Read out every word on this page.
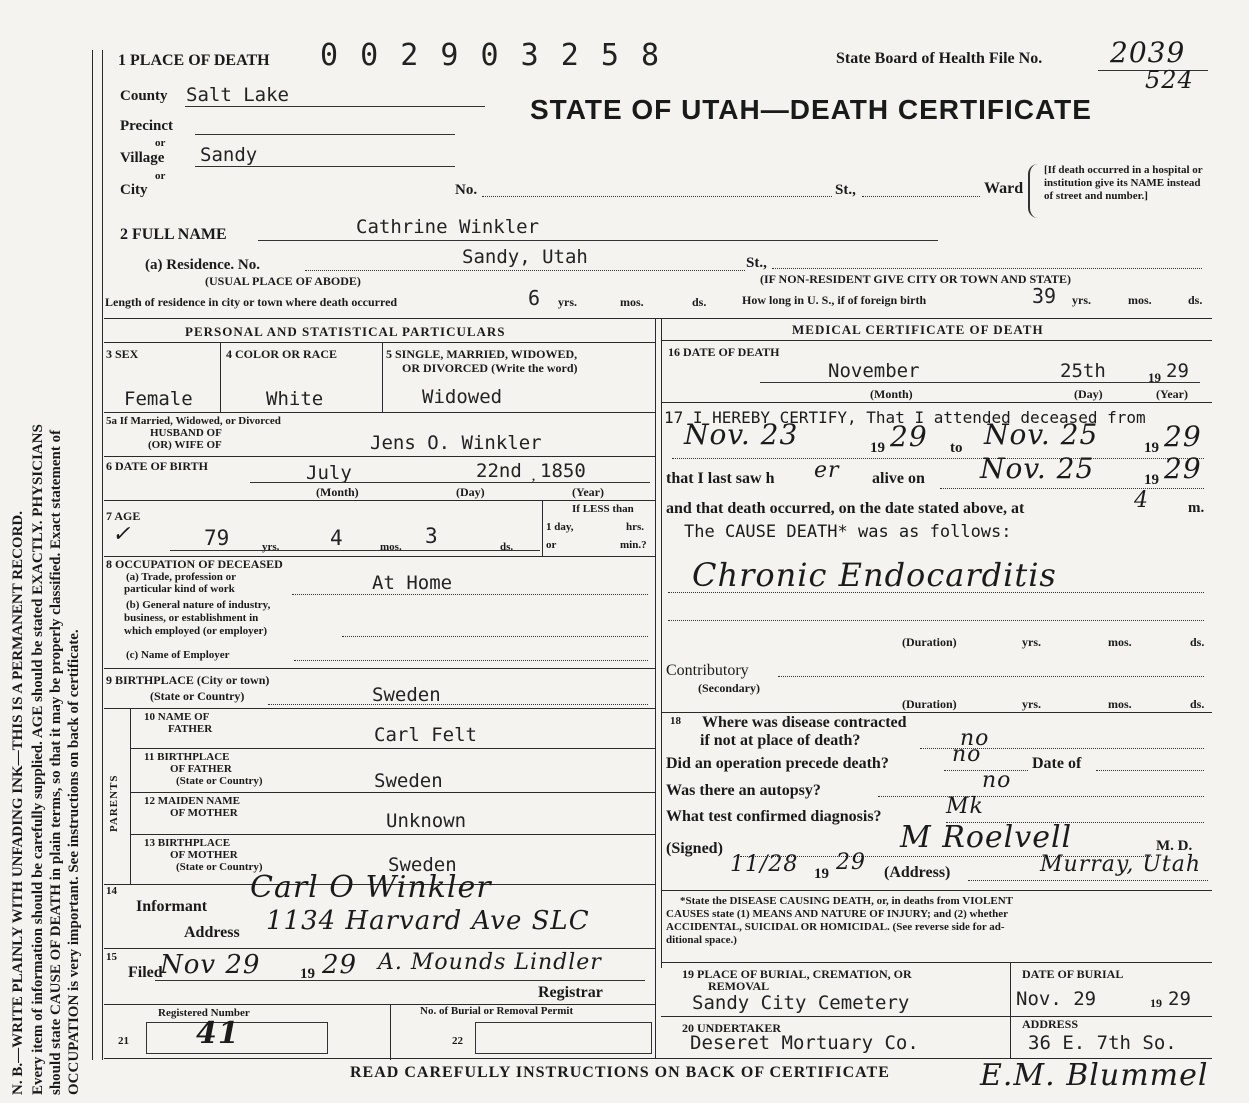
N. B.—WRITE PLAINLY WITH UNFADING INK—THIS IS A PERMANENT RECORD. Every item of information should be carefully supplied. AGE should be stated EXACTLY. PHYSICIANS should state CAUSE OF DEATH in plain terms, so that it may be properly classified. Exact statement of OCCUPATION is very important. See instructions on back of certificate.
1 PLACE OF DEATH 0 0 2 9 0 3 2 5 8	State Board of Health File No. 2039
524
STATE OF UTAH—DEATH CERTIFICATE
County Salt Lake
Precinct
or
Village Sandy
or
City	No.	St.,	Ward
[If death occurred in a hospital or institution give its NAME instead of street and number.]
2 FULL NAME	Cathrine Winkler
(a) Residence. No.	Sandy, Utah	St.,
(USUAL PLACE OF ABODE)	(IF NON-RESIDENT GIVE CITY OR TOWN AND STATE)
Length of residence in city or town where death occurred	6 yrs.	mos.	ds.	How long in U. S., if of foreign birth	39 yrs.	mos.	ds.
PERSONAL AND STATISTICAL PARTICULARS
3 SEX	4 COLOR OR RACE	5 SINGLE, MARRIED, WIDOWED,
OR DIVORCED (Write the word)
Female	White	Widowed
5a If Married, Widowed, or Divorced
HUSBAND OF
(OR) WIFE OF	Jens O. Winkler
6 DATE OF BIRTH	July	22nd , 1850
(Month)	(Day)	(Year)
7 AGE
✓	79	yrs. 4	mos. 3	ds.
If LESS than
1 day,	hrs.
or	min.?
8 OCCUPATION OF DECEASED
(a) Trade, profession or
particular kind of work	At Home
(b) General nature of industry,
business, or establishment in
which employed (or employer)
(c) Name of Employer
9 BIRTHPLACE (City or town)
(State or Country)	Sweden
PARENTS
10 NAME OF
FATHER	Carl Felt
11 BIRTHPLACE
OF FATHER
(State or Country)	Sweden
12 MAIDEN NAME
OF MOTHER	Unknown
13 BIRTHPLACE
OF MOTHER
(State or Country)	Sweden
14
Informant
Carl O Winkler
Address 1134 Harvard Ave SLC
15
Filed
Nov 29	19 29 A. Mounds Lindler
Registrar
Registered Number	No. of Burial or Removal Permit
21 41	22
MEDICAL CERTIFICATE OF DEATH
16 DATE OF DEATH
November	25th	19 29
(Month)	(Day)	(Year)
17 I HEREBY CERTIFY, That I attended deceased from
Nov. 23	19 29 to Nov. 25	19 29
that I last saw h er alive on Nov. 25	19 29
and that death occurred, on the date stated above, at	4	m.
The CAUSE DEATH* was as follows:
Chronic Endocarditis
(Duration)	yrs.	mos.	ds.
Contributory
(Secondary)
(Duration)	yrs.	mos.	ds.
18 Where was disease contracted
if not at place of death?	no
Did an operation precede death?	no	Date of
Was there an autopsy?	no
What test confirmed diagnosis?	Mk
(Signed)	M Roelvell	M. D.
11/28 19 29 (Address)	Murray, Utah
*State the DISEASE CAUSING DEATH, or, in deaths from VIOLENT
CAUSES state (1) MEANS AND NATURE OF INJURY; and (2) whether
ACCIDENTAL, SUICIDAL OR HOMICIDAL. (See reverse side for ad-
ditional space.)
19 PLACE OF BURIAL, CREMATION, OR
REMOVAL
Sandy City Cemetery
DATE OF BURIAL
Nov. 29	19 29
20 UNDERTAKER
Deseret Mortuary Co.
ADDRESS
36 E. 7th So.
READ CAREFULLY INSTRUCTIONS ON BACK OF CERTIFICATE	E.M. Blummel
